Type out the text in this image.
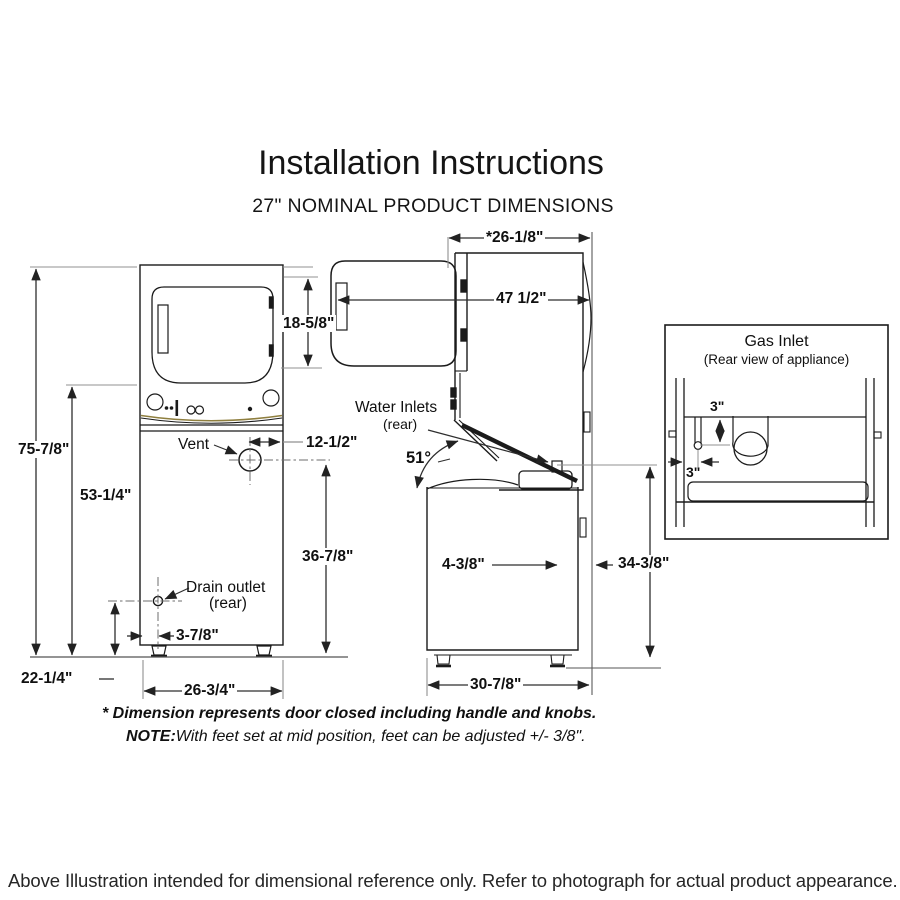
Installation Instructions
27" NOMINAL PRODUCT DIMENSIONS
75-7/8"
53-1/4"
22-1/4"
26-3/4"
3-7/8"
Vent	12-1/2"
36-7/8"
Drain outlet
(rear)
*26-1/8"
47 1/2"
18-5/8"
Water Inlets
(rear)
51°
4-3/8"	34-3/8"
30-7/8"
Gas Inlet
(Rear view of appliance)
3"
3"
* Dimension represents door closed including handle and knobs.
NOTE:With feet set at mid position, feet can be adjusted +/- 3/8".
Above Illustration intended for dimensional reference only. Refer to photograph for actual product appearance.
